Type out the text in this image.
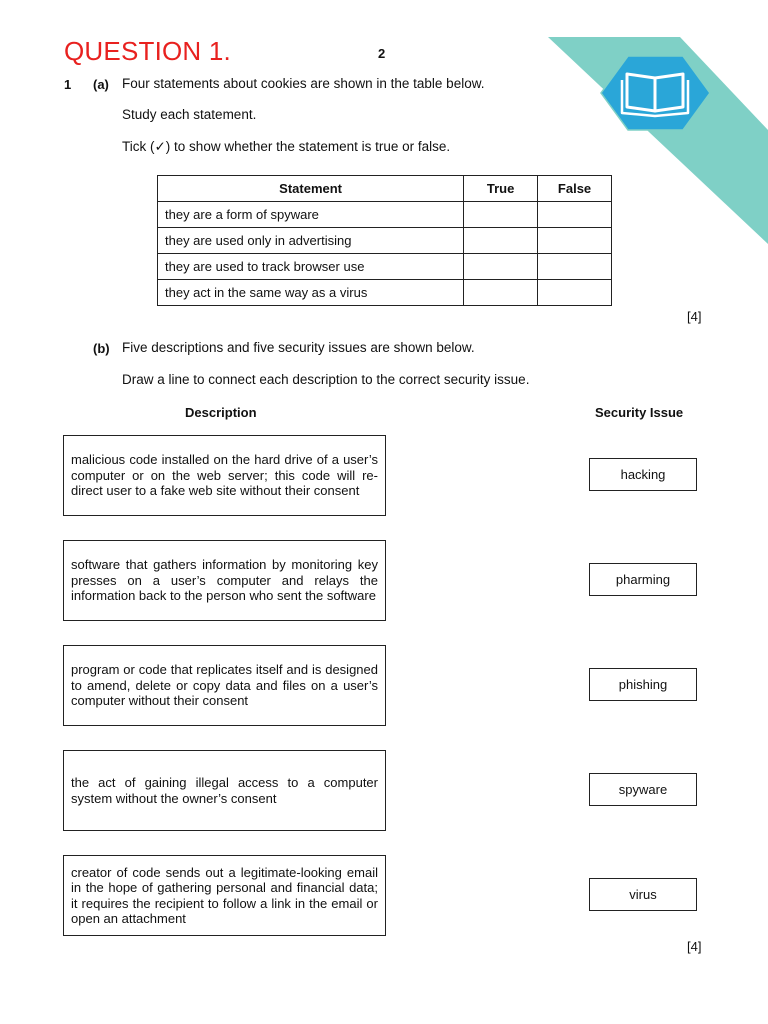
QUESTION 1.	2
1 (a) Four statements about cookies are shown in the table below.
Study each statement.
Tick (✓) to show whether the statement is true or false.
Statement	True	False
they are a form of spyware		
they are used only in advertising		
they are used to track browser use		
they act in the same way as a virus		
[4]
(b) Five descriptions and five security issues are shown below.
Draw a line to connect each description to the correct security issue.
Description	Security Issue
malicious code installed on the hard drive of a user’s computer or on the web server; this code will re-direct user to a fake web site without their consent
software that gathers information by monitoring key presses on a user’s computer and relays the information back to the person who sent the software
program or code that replicates itself and is designed to amend, delete or copy data and files on a user’s computer without their consent
the act of gaining illegal access to a computer system without the owner’s consent
creator of code sends out a legitimate-looking email in the hope of gathering personal and financial data; it requires the recipient to follow a link in the email or open an attachment
hacking
pharming
phishing
spyware
virus
[4]
